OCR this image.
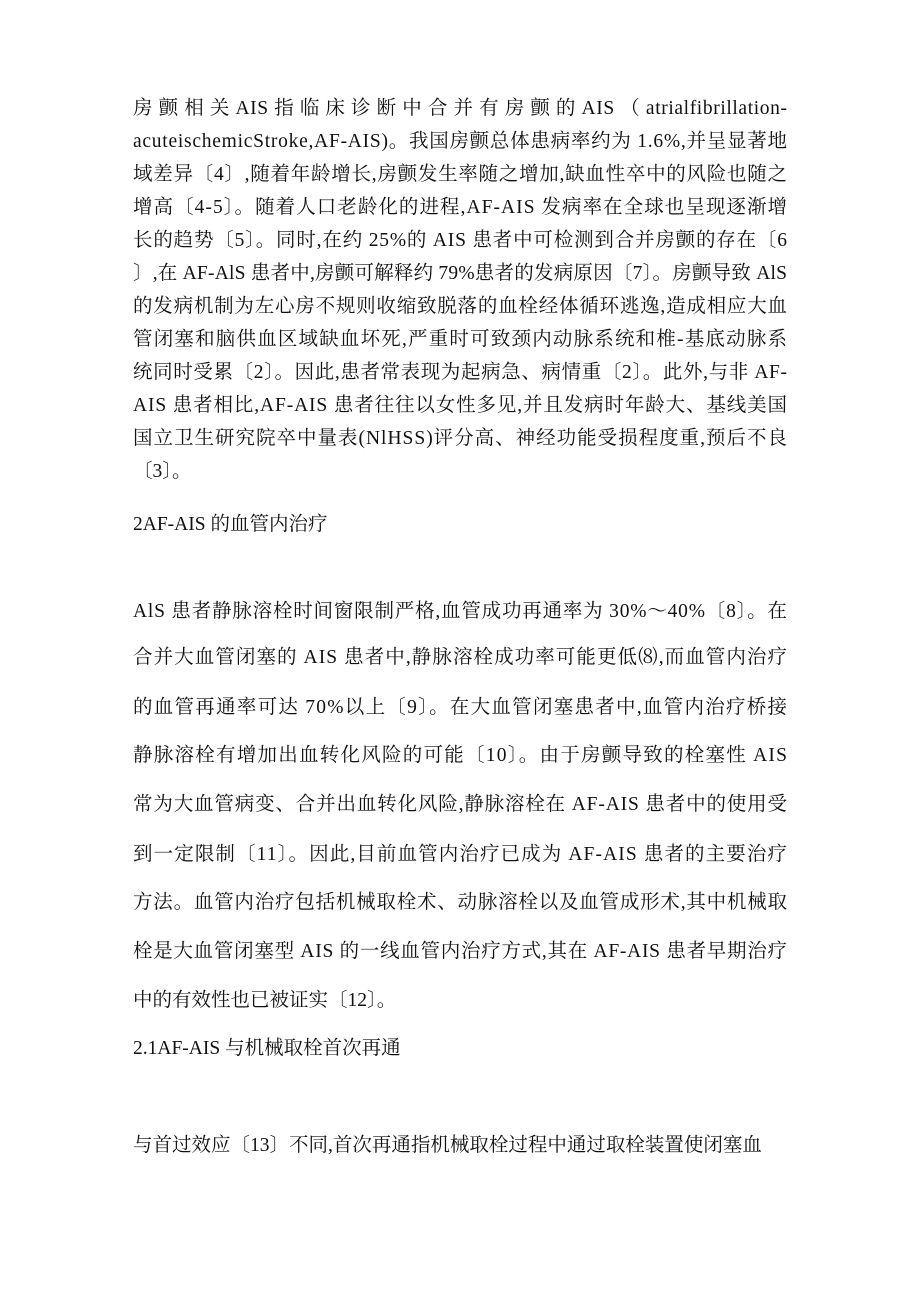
房 颤 相 关 AIS 指 临 床 诊 断 中 合 并 有 房 颤 的 AIS （ atrialfibrillation-
acuteischemicStroke,AF-AIS)。我国房颤总体患病率约为 1.6%,并呈显著地
域差异〔4〕,随着年龄增长,房颤发生率随之增加,缺血性卒中的风险也随之
增高〔4-5〕。随着人口老龄化的进程,AF-AIS 发病率在全球也呈现逐渐增
长的趋势〔5〕。同时,在约 25%的 AIS 患者中可检测到合并房颤的存在〔6
〕,在 AF-AlS 患者中,房颤可解释约 79%患者的发病原因〔7〕。房颤导致 AlS
的发病机制为左心房不规则收缩致脱落的血栓经体循环逃逸,造成相应大血
管闭塞和脑供血区域缺血坏死,严重时可致颈内动脉系统和椎-基底动脉系
统同时受累〔2〕。因此,患者常表现为起病急、病情重〔2〕。此外,与非 AF-
AIS 患者相比,AF-AIS 患者往往以女性多见,并且发病时年龄大、基线美国
国立卫生研究院卒中量表(NlHSS)评分高、神经功能受损程度重,预后不良
〔3〕。
2AF-AIS 的血管内治疗
AlS 患者静脉溶栓时间窗限制严格,血管成功再通率为 30%～40%〔8〕。在
合并大血管闭塞的 AIS 患者中,静脉溶栓成功率可能更低⑻,而血管内治疗
的血管再通率可达 70%以上〔9〕。在大血管闭塞患者中,血管内治疗桥接
静脉溶栓有增加出血转化风险的可能〔10〕。由于房颤导致的栓塞性 AIS
常为大血管病变、合并出血转化风险,静脉溶栓在 AF-AIS 患者中的使用受
到一定限制〔11〕。因此,目前血管内治疗已成为 AF-AIS 患者的主要治疗
方法。血管内治疗包括机械取栓术、动脉溶栓以及血管成形术,其中机械取
栓是大血管闭塞型 AIS 的一线血管内治疗方式,其在 AF-AIS 患者早期治疗
中的有效性也已被证实〔12〕。
2.1AF-AIS 与机械取栓首次再通
与首过效应〔13〕不同,首次再通指机械取栓过程中通过取栓装置使闭塞血
